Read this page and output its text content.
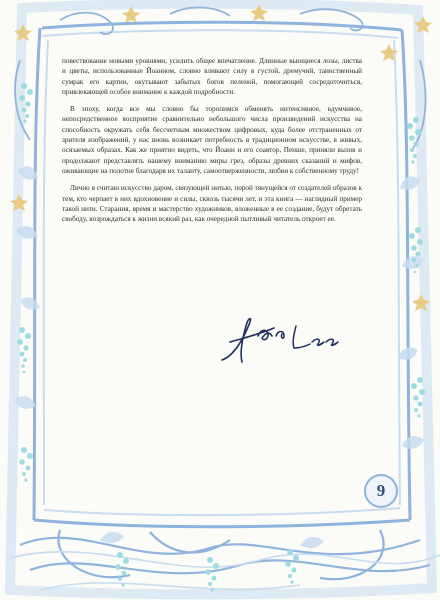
повествование новыми уровнями, усилить общее впечатление. Длинные вьющиеся лозы, листва и цветы, использованные Йоанном, словно вливают силу в густой, дремучий, таинственный сумрак его картин, окутывают забытых богов пеленой, помогающей сосредоточиться, привлекающей особое внимание к каждой подробности.

В эпоху, когда все мы словно бы торопимся обменять интенсивное, вдумчивое, непосредственное восприятие сравнительно небольшого числа произведений искусства на способность окружать себя бессчетным множеством цифровых, куда более отстраненных от зрителя изображений, у нас вновь возникает потребность в традиционном искусстве, в живых, осязаемых образах. Как же приятно видеть, что Йоанн и его соавтор, Пенше, приняли вызов и продолжают представлять нашему вниманию миры грез, образы древних сказаний и мифов, оживающие на полотне благодаря их таланту, самоотверженности, любви к собственному труду!

Лично я считаю искусство даром, связующей нитью, порой тянущейся от создателей образов к тем, кто черпает в них вдохновение и силы, сквозь тысячи лет, и эта книга — наглядный пример такой нити. Старания, время и мастерство художников, вложенные в ее создание, будут обретать свободу, возрождаться к жизни всякий раз, как очередной пытливый читатель откроет ее.

9
